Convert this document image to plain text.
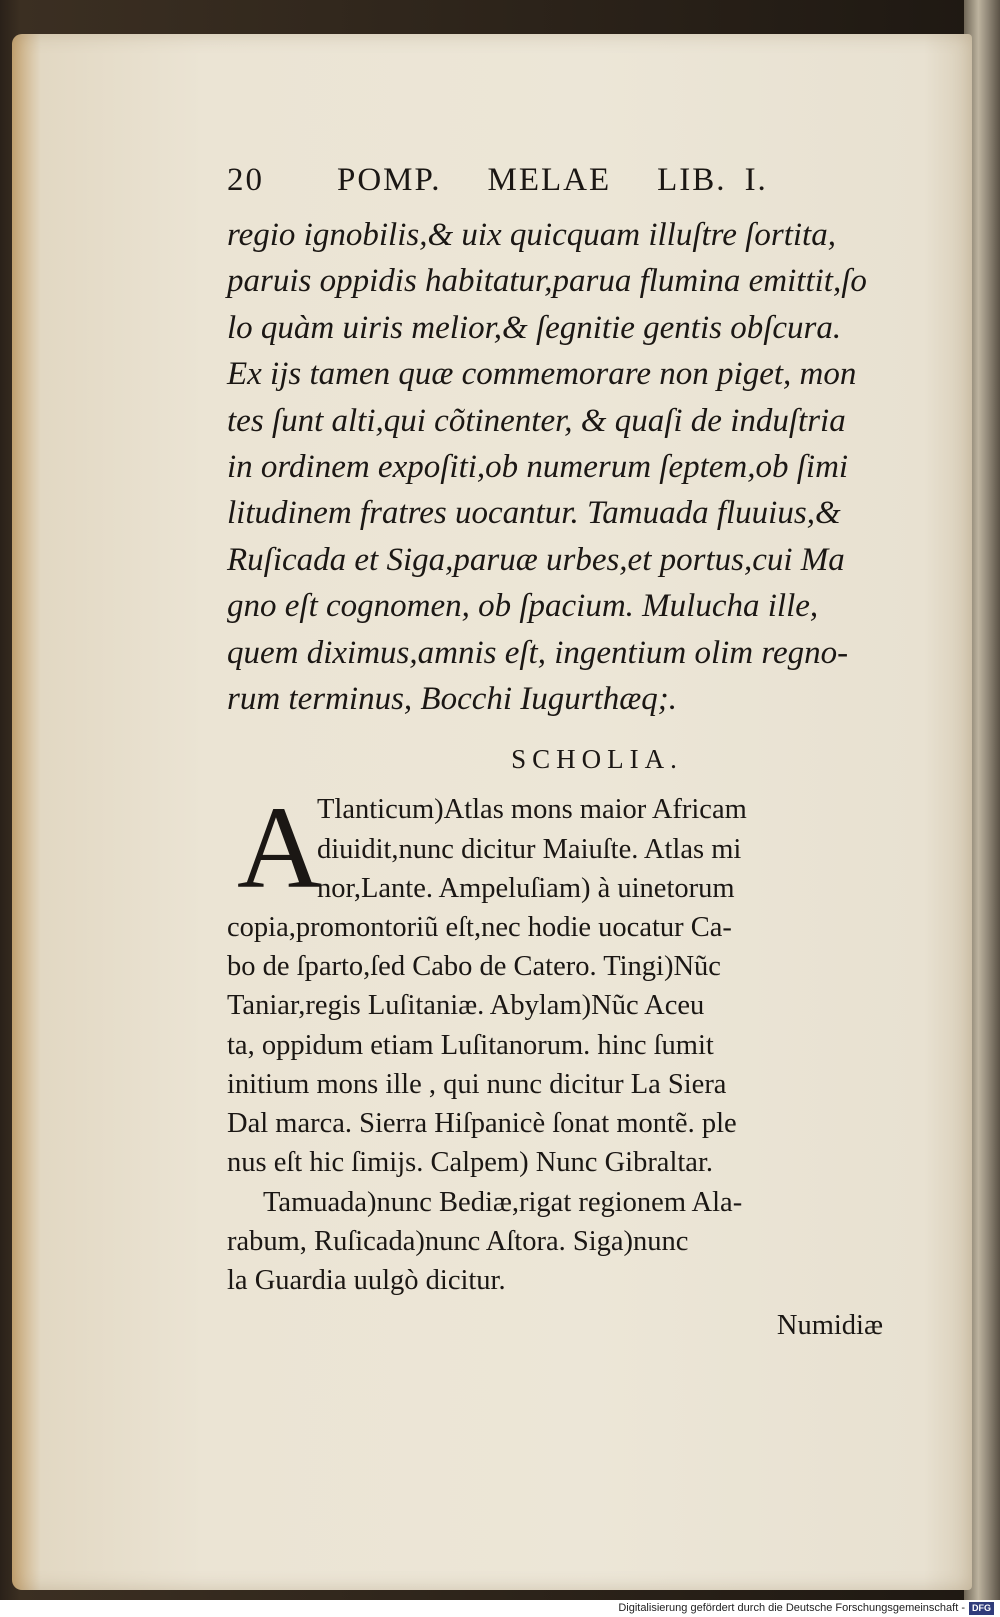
20	POMP. MELAE LIB. I.
regio ignobilis,& uix quicquam illuſtre ſortita,
paruis oppidis habitatur,parua flumina emittit,ſo
lo quàm uiris melior,& ſegnitie gentis obſcura.
Ex ijs tamen quæ commemorare non piget, mon
tes ſunt alti,qui cõtinenter, & quaſi de induſtria
in ordinem expoſiti,ob numerum ſeptem,ob ſimi
litudinem fratres uocantur. Tamuada fluuius,&
Ruſicada et Siga,paruæ urbes,et portus,cui Ma
gno eſt cognomen, ob ſpacium. Mulucha ille,
quem diximus,amnis eſt, ingentium olim regno-
rum terminus, Bocchi Iugurthæq;.
SCHOLIA.
A
Tlanticum)Atlas mons maior Africam
diuidit,nunc dicitur Maiuſte. Atlas mi
nor,Lante. Ampeluſiam) à uinetorum
copia,promontoriũ eſt,nec hodie uocatur Ca-
bo de ſparto,ſed Cabo de Catero. Tingi)Nũc
Taniar,regis Luſitaniæ. Abylam)Nũc Aceu
ta, oppidum etiam Luſitanorum. hinc ſumit
initium mons ille , qui nunc dicitur La Siera
Dal marca. Sierra Hiſpanicè ſonat montẽ. ple
nus eſt hic ſimijs. Calpem) Nunc Gibraltar.
Tamuada)nunc Bediæ,rigat regionem Ala-
rabum, Ruſicada)nunc Aſtora. Siga)nunc
la Guardia uulgò dicitur.
Numidiæ
Digitalisierung gefördert durch die Deutsche Forschungsgemeinschaft - DFG
